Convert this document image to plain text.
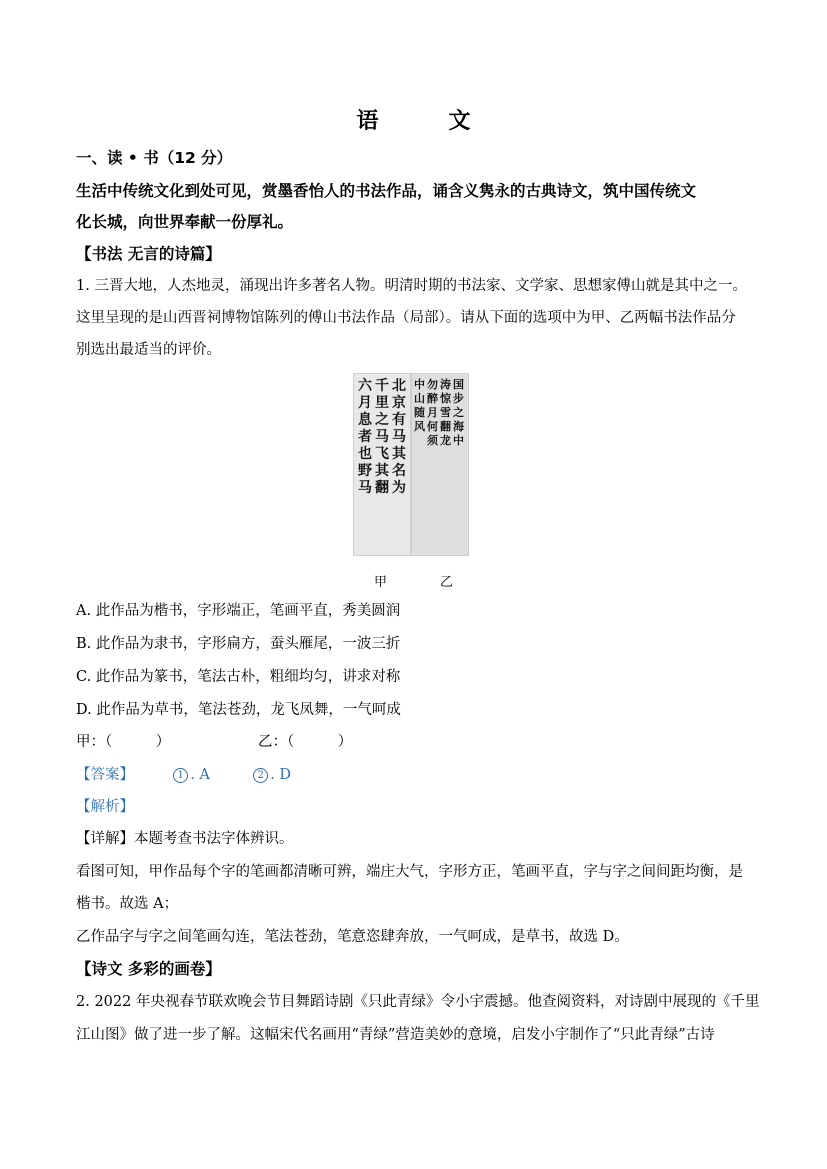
语　文
一、读 • 书（12 分）
生活中传统文化到处可见，赏墨香怡人的书法作品，诵含义隽永的古典诗文，筑中国传统文
化长城，向世界奉献一份厚礼。
【书法 无言的诗篇】
1. 三晋大地，人杰地灵，涌现出许多著名人物。明清时期的书法家、文学家、思想家傅山就是其中之一。
这里呈现的是山西晋祠博物馆陈列的傅山书法作品（局部）。请从下面的选项中为甲、乙两幅书法作品分
别选出最适当的评价。
北京有马其名为
千里之马飞其翻
六月息者也野马
国步之海中
涛惊雪翻龙
勿醉月何须
中山随风
甲	乙
A. 此作品为楷书，字形端正，笔画平直，秀美圆润
B. 此作品为隶书，字形扁方，蚕头雁尾，一波三折
C. 此作品为篆书，笔法古朴，粗细均匀，讲求对称
D. 此作品为草书，笔法苍劲，龙飞凤舞，一气呵成
甲：（　　　）	乙：（　　　）
【答案】	1 . A	2 . D
【解析】
【详解】本题考查书法字体辨识。
看图可知，甲作品每个字的笔画都清晰可辨，端庄大气，字形方正，笔画平直，字与字之间间距均衡，是
楷书。故选 A；
乙作品字与字之间笔画勾连，笔法苍劲，笔意恣肆奔放，一气呵成，是草书，故选 D。
【诗文 多彩的画卷】
2. 2022 年央视春节联欢晚会节目舞蹈诗剧《只此青绿》令小宇震撼。他查阅资料，对诗剧中展现的《千里
江山图》做了进一步了解。这幅宋代名画用“青绿”营造美妙的意境，启发小宇制作了“只此青绿”古诗
